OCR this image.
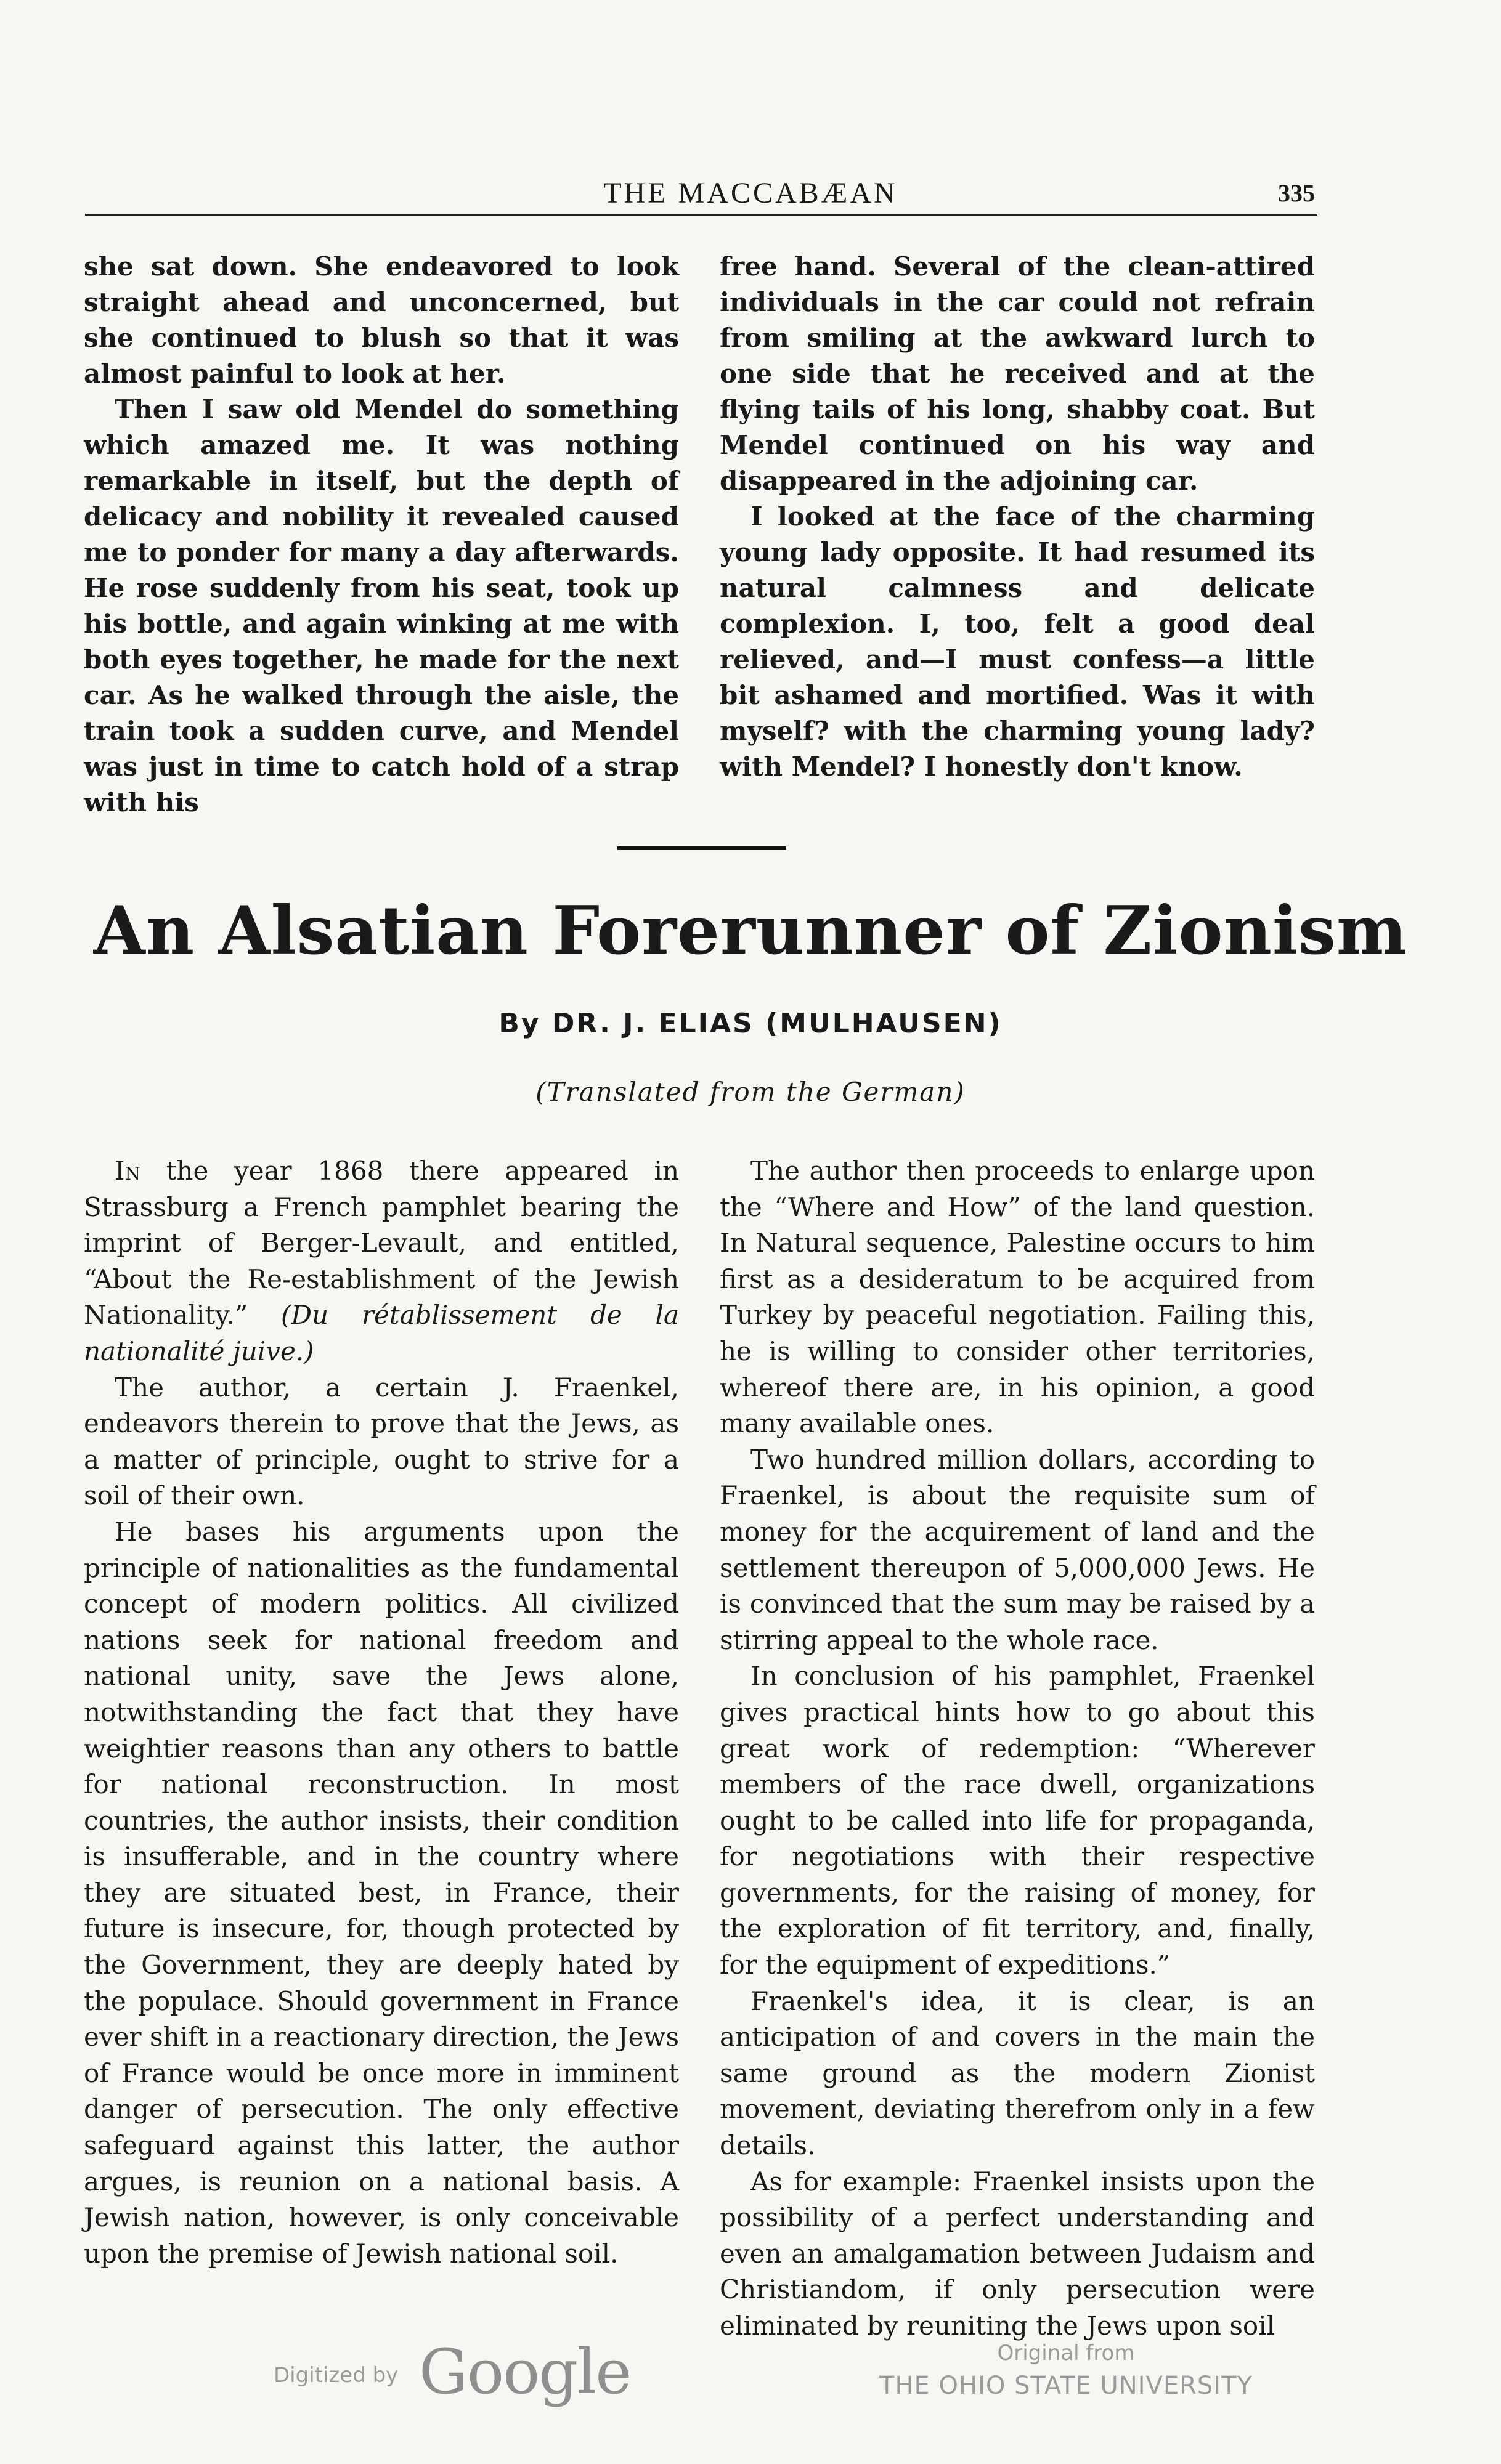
THE MACCABÆAN	335

she sat down. She endeavored to look straight ahead and unconcerned, but she continued to blush so that it was almost painful to look at her.

Then I saw old Mendel do something which amazed me. It was nothing remarkable in itself, but the depth of delicacy and nobility it revealed caused me to ponder for many a day afterwards. He rose suddenly from his seat, took up his bottle, and again winking at me with both eyes together, he made for the next car. As he walked through the aisle, the train took a sudden curve, and Mendel was just in time to catch hold of a strap with his

free hand. Several of the clean-attired individuals in the car could not refrain from smiling at the awkward lurch to one side that he received and at the flying tails of his long, shabby coat. But Mendel continued on his way and disappeared in the adjoining car.

I looked at the face of the charming young lady opposite. It had resumed its natural calmness and delicate complexion. I, too, felt a good deal relieved, and—I must confess—a little bit ashamed and mortified. Was it with myself? with the charming young lady? with Mendel? I honestly don't know.

An Alsatian Forerunner of Zionism
By DR. J. ELIAS (MULHAUSEN)
(Translated from the German)

In the year 1868 there appeared in Strassburg a French pamphlet bearing the imprint of Berger-Levault, and entitled, “About the Re-establishment of the Jewish Nationality.” (Du rétablissement de la nationalité juive.)

The author, a certain J. Fraenkel, endeavors therein to prove that the Jews, as a matter of principle, ought to strive for a soil of their own.

He bases his arguments upon the principle of nationalities as the fundamental concept of modern politics. All civilized nations seek for national freedom and national unity, save the Jews alone, notwithstanding the fact that they have weightier reasons than any others to battle for national reconstruction. In most countries, the author insists, their condition is insufferable, and in the country where they are situated best, in France, their future is insecure, for, though protected by the Government, they are deeply hated by the populace. Should government in France ever shift in a reactionary direction, the Jews of France would be once more in imminent danger of persecution. The only effective safeguard against this latter, the author argues, is reunion on a national basis. A Jewish nation, however, is only conceivable upon the premise of Jewish national soil.

The author then proceeds to enlarge upon the “Where and How” of the land question. In Natural sequence, Palestine occurs to him first as a desideratum to be acquired from Turkey by peaceful negotiation. Failing this, he is willing to consider other territories, whereof there are, in his opinion, a good many available ones.

Two hundred million dollars, according to Fraenkel, is about the requisite sum of money for the acquirement of land and the settlement thereupon of 5,000,000 Jews. He is convinced that the sum may be raised by a stirring appeal to the whole race.

In conclusion of his pamphlet, Fraenkel gives practical hints how to go about this great work of redemption: “Wherever members of the race dwell, organizations ought to be called into life for propaganda, for negotiations with their respective governments, for the raising of money, for the exploration of fit territory, and, finally, for the equipment of expeditions.”

Fraenkel's idea, it is clear, is an anticipation of and covers in the main the same ground as the modern Zionist movement, deviating therefrom only in a few details.

As for example: Fraenkel insists upon the possibility of a perfect understanding and even an amalgamation between Judaism and Christiandom, if only persecution were eliminated by reuniting the Jews upon soil

Digitized by Google	Original from
THE OHIO STATE UNIVERSITY
